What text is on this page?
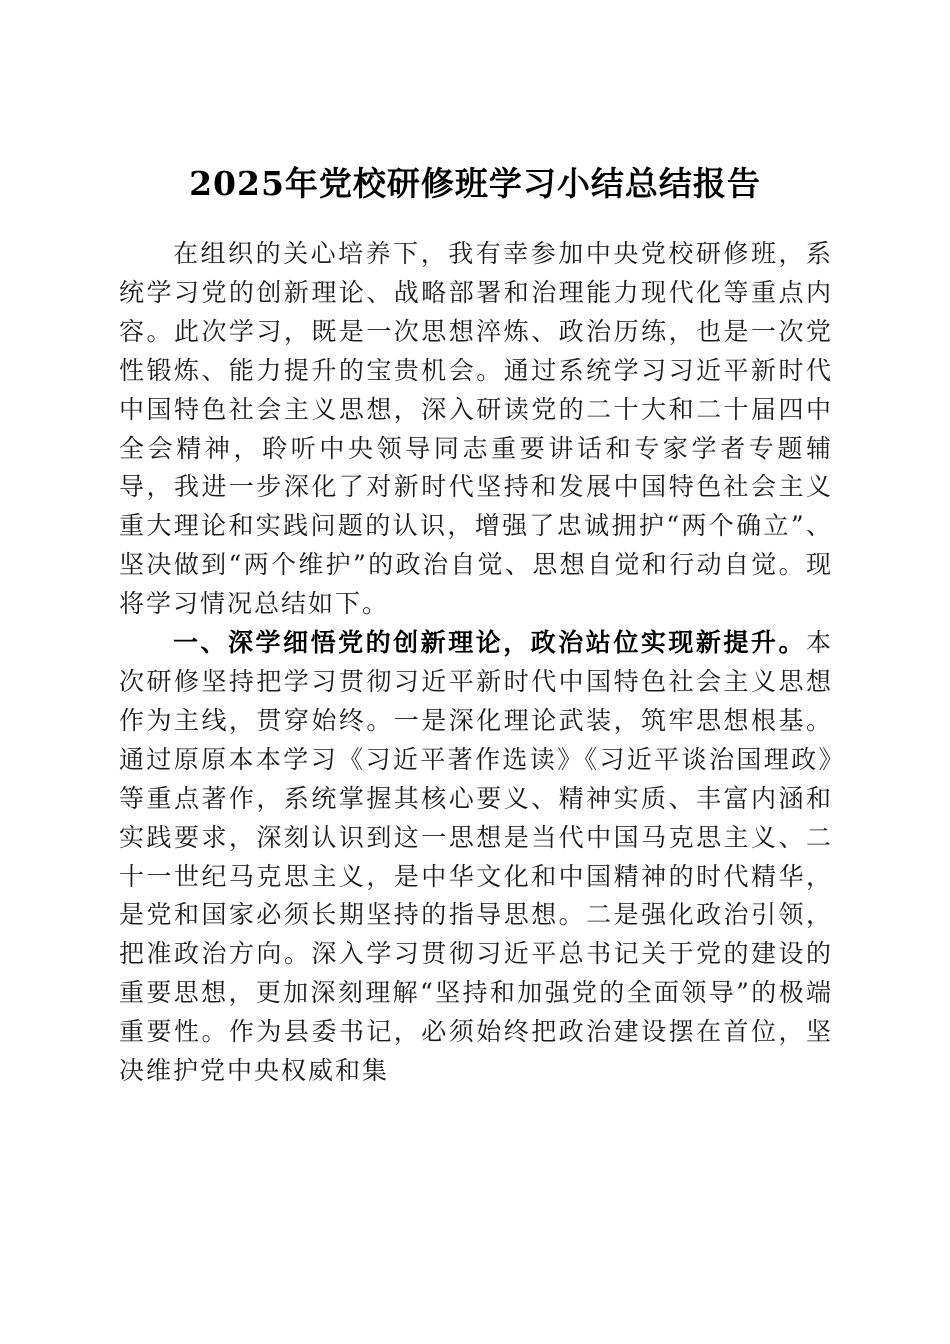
2025年党校研修班学习小结总结报告

在组织的关心培养下，我有幸参加中央党校研修班，系统学习党的创新理论、战略部署和治理能力现代化等重点内容。此次学习，既是一次思想淬炼、政治历练，也是一次党性锻炼、能力提升的宝贵机会。通过系统学习习近平新时代中国特色社会主义思想，深入研读党的二十大和二十届四中全会精神，聆听中央领导同志重要讲话和专家学者专题辅导，我进一步深化了对新时代坚持和发展中国特色社会主义重大理论和实践问题的认识，增强了忠诚拥护“两个确立”、坚决做到“两个维护”的政治自觉、思想自觉和行动自觉。现将学习情况总结如下。

一、深学细悟党的创新理论，政治站位实现新提升。本次研修坚持把学习贯彻习近平新时代中国特色社会主义思想作为主线，贯穿始终。一是深化理论武装，筑牢思想根基。通过原原本本学习《习近平著作选读》《习近平谈治国理政》等重点著作，系统掌握其核心要义、精神实质、丰富内涵和实践要求，深刻认识到这一思想是当代中国马克思主义、二十一世纪马克思主义，是中华文化和中国精神的时代精华，是党和国家必须长期坚持的指导思想。二是强化政治引领，把准政治方向。深入学习贯彻习近平总书记关于党的建设的重要思想，更加深刻理解“坚持和加强党的全面领导”的极端重要性。作为县委书记，必须始终把政治建设摆在首位，坚决维护党中央权威和集
